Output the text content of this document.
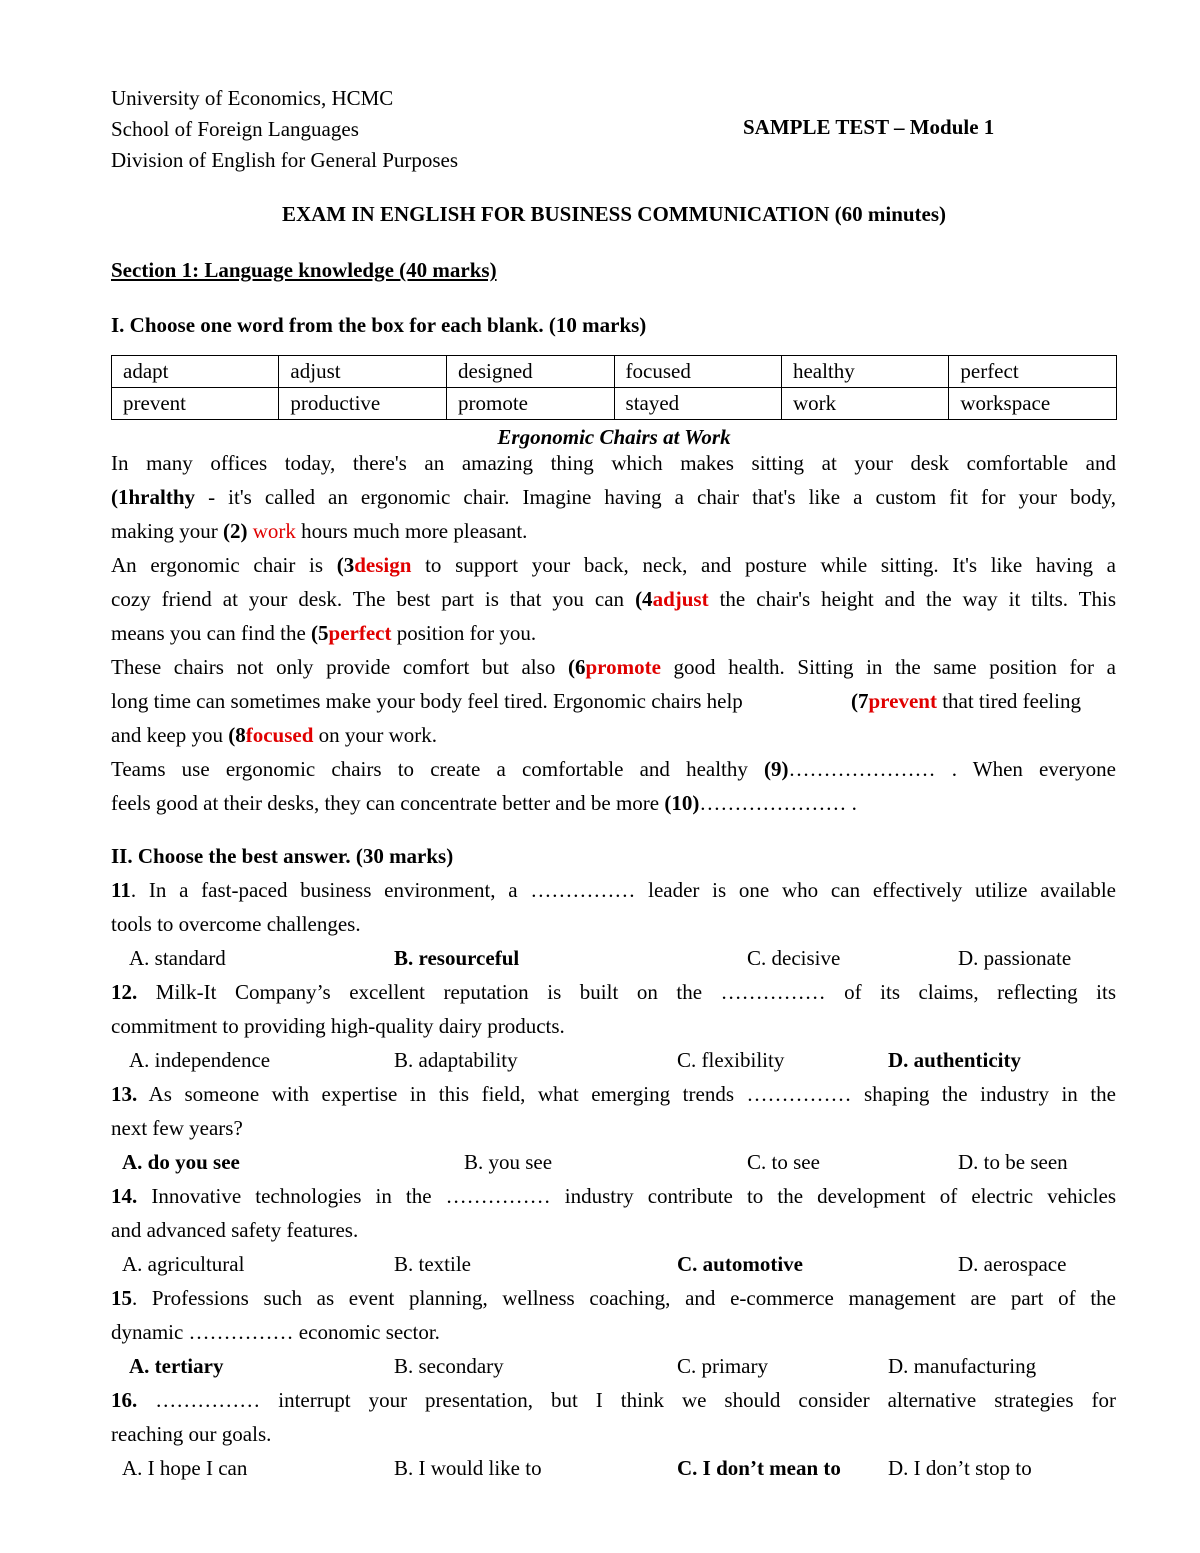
University of Economics, HCMC
School of Foreign Languages
Division of English for General Purposes
SAMPLE TEST – Module 1
EXAM IN ENGLISH FOR BUSINESS COMMUNICATION (60 minutes)
Section 1: Language knowledge (40 marks)
I. Choose one word from the box for each blank. (10 marks)
adapt	adjust	designed	focused	healthy	perfect
prevent	productive	promote	stayed	work	workspace
Ergonomic Chairs at Work
In many offices today, there's an amazing thing which makes sitting at your desk comfortable and
(1hralthy - it's called an ergonomic chair. Imagine having a chair that's like a custom fit for your body,
making your (2) work hours much more pleasant.
An ergonomic chair is (3design to support your back, neck, and posture while sitting. It's like having a
cozy friend at your desk. The best part is that you can (4adjust the chair's height and the way it tilts. This
means you can find the (5perfect position for you.
These chairs not only provide comfort but also (6promote good health. Sitting in the same position for a
long time can sometimes make your body feel tired. Ergonomic chairs help	(7prevent that tired feeling
and keep you (8focused on your work.
Teams use ergonomic chairs to create a comfortable and healthy (9)………………… . When everyone
feels good at their desks, they can concentrate better and be more (10)………………… .
II. Choose the best answer. (30 marks)
11. In a fast-paced business environment, a …………… leader is one who can effectively utilize available
tools to overcome challenges.
A. standard	B. resourceful	C. decisive	D. passionate
12. Milk-It Company’s excellent reputation is built on the …………… of its claims, reflecting its
commitment to providing high-quality dairy products.
A. independence	B. adaptability	C. flexibility	D. authenticity
13. As someone with expertise in this field, what emerging trends …………… shaping the industry in the
next few years?
A. do you see	B. you see	C. to see	D. to be seen
14. Innovative technologies in the …………… industry contribute to the development of electric vehicles
and advanced safety features.
A. agricultural	B. textile	C. automotive	D. aerospace
15. Professions such as event planning, wellness coaching, and e-commerce management are part of the
dynamic …………… economic sector.
A. tertiary	B. secondary	C. primary	D. manufacturing
16. …………… interrupt your presentation, but I think we should consider alternative strategies for
reaching our goals.
A. I hope I can	B. I would like to	C. I don’t mean to D. I don’t stop to
